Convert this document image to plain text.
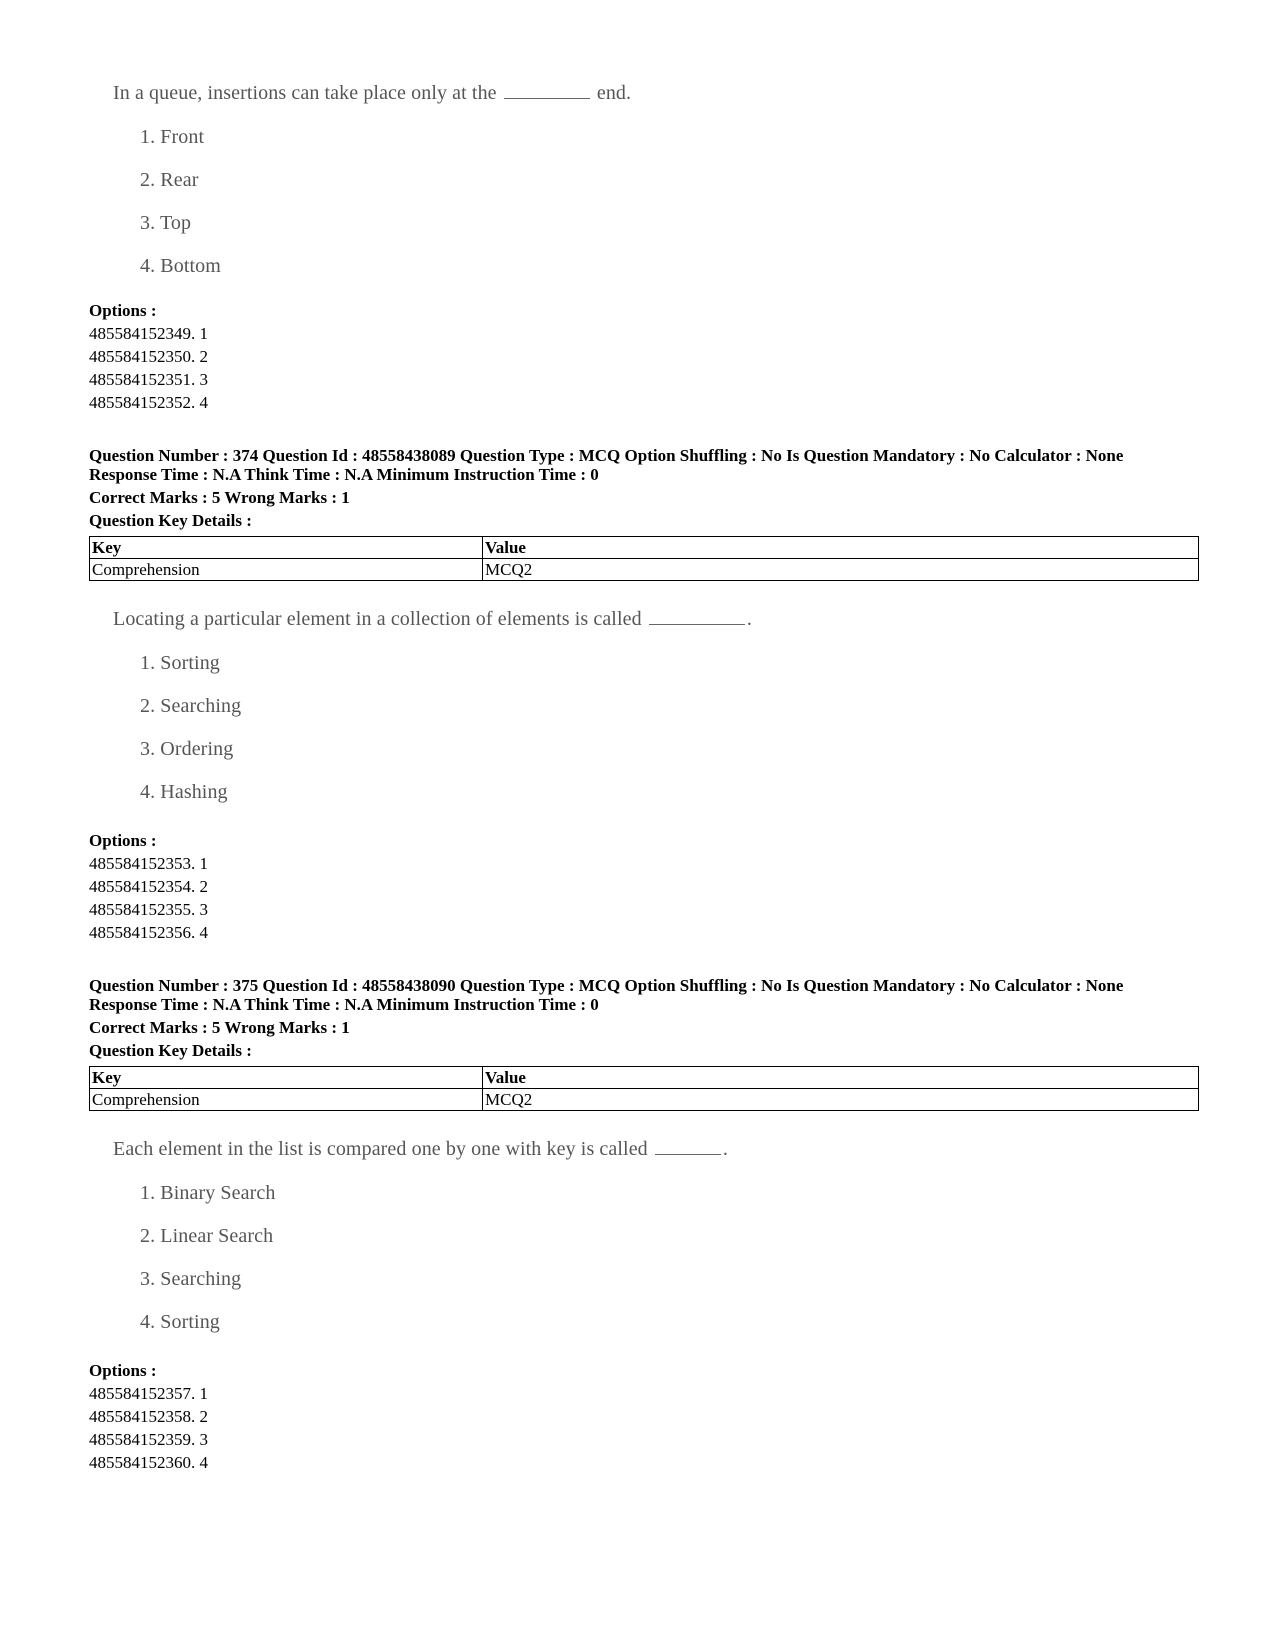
In a queue, insertions can take place only at the	end.
1. Front
2. Rear
3. Top
4. Bottom
Options :
485584152349. 1
485584152350. 2
485584152351. 3
485584152352. 4
Question Number : 374 Question Id : 48558438089 Question Type : MCQ Option Shuffling : No Is Question Mandatory : No Calculator : None
Response Time : N.A Think Time : N.A Minimum Instruction Time : 0
Correct Marks : 5 Wrong Marks : 1
Question Key Details :
Key	Value
Comprehension	MCQ2
Locating a particular element in a collection of elements is called	.
1. Sorting
2. Searching
3. Ordering
4. Hashing
Options :
485584152353. 1
485584152354. 2
485584152355. 3
485584152356. 4
Question Number : 375 Question Id : 48558438090 Question Type : MCQ Option Shuffling : No Is Question Mandatory : No Calculator : None
Response Time : N.A Think Time : N.A Minimum Instruction Time : 0
Correct Marks : 5 Wrong Marks : 1
Question Key Details :
Key	Value
Comprehension	MCQ2
Each element in the list is compared one by one with key is called	.
1. Binary Search
2. Linear Search
3. Searching
4. Sorting
Options :
485584152357. 1
485584152358. 2
485584152359. 3
485584152360. 4
